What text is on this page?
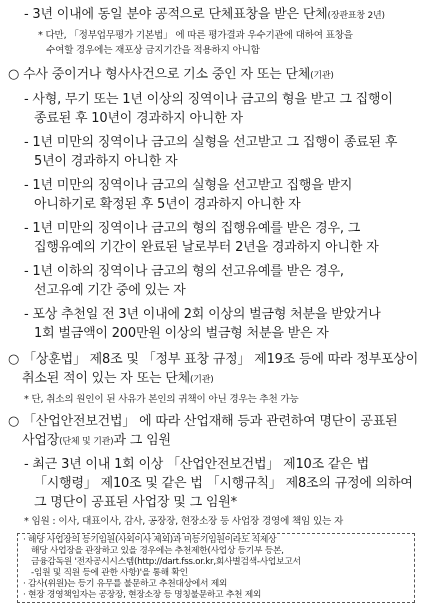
- 3년 이내에 동일 분야 공적으로 단체표창을 받은 단체(장관표창 2년)
* 다만, 「정부업무평가 기본법」 에 따른 평가결과 우수기관에 대하여 표창을
수여할 경우에는 재포상 금지기간을 적용하지 아니함
○ 수사 중이거나 형사사건으로 기소 중인 자 또는 단체(기관)
- 사형, 무기 또는 1년 이상의 징역이나 금고의 형을 받고 그 집행이
종료된 후 10년이 경과하지 아니한 자
- 1년 미만의 징역이나 금고의 실형을 선고받고 그 집행이 종료된 후
5년이 경과하지 아니한 자
- 1년 미만의 징역이나 금고의 실형을 선고받고 집행을 받지
아니하기로 확정된 후 5년이 경과하지 아니한 자
- 1년 미만의 징역이나 금고의 형의 집행유예를 받은 경우, 그
집행유예의 기간이 완료된 날로부터 2년을 경과하지 아니한 자
- 1년 이하의 징역이나 금고의 형의 선고유예를 받은 경우,
선고유예 기간 중에 있는 자
- 포상 추천일 전 3년 이내에 2회 이상의 벌금형 처분을 받았거나
1회 벌금액이 200만원 이상의 벌금형 처분을 받은 자
○ 「상훈법」 제8조 및 「정부 표창 규정」 제19조 등에 따라 정부포상이
취소된 적이 있는 자 또는 단체(기관)
* 단, 취소의 원인이 된 사유가 본인의 귀책이 아닌 경우는 추천 가능
○ 「산업안전보건법」 에 따라 산업재해 등과 관련하여 명단이 공표된
사업장(단체 및 기관)과 그 임원
- 최근 3년 이내 1회 이상 「산업안전보건법」 제10조 같은 법
「시행령」 제10조 및 같은 법 「시행규칙」 제8조의 규정에 의하여
그 명단이 공표된 사업장 및 그 임원*
* 임원 : 이사, 대표이사, 감사, 공장장, 현장소장 등 사업장 경영에 책임 있는 자
· 해당 사업장의 등기임원(사외이사 제외)과 미등기임원이라도 직제상
해당 사업장을 관장하고 있을 경우에는 추천제한(사업상 등기부 등본,
금융감독원 '전자공시시스템(http://dart.fss.or.kr,회사별검색-사업보고서
-임원 및 직원 등에 관한 사항)'을 통해 확인
· 감사(위원)는 등기 유무를 불문하고 추천대상에서 제외
· 현장 경영책임자는 공장장, 현장소장 등 명칭불문하고 추천 제외
